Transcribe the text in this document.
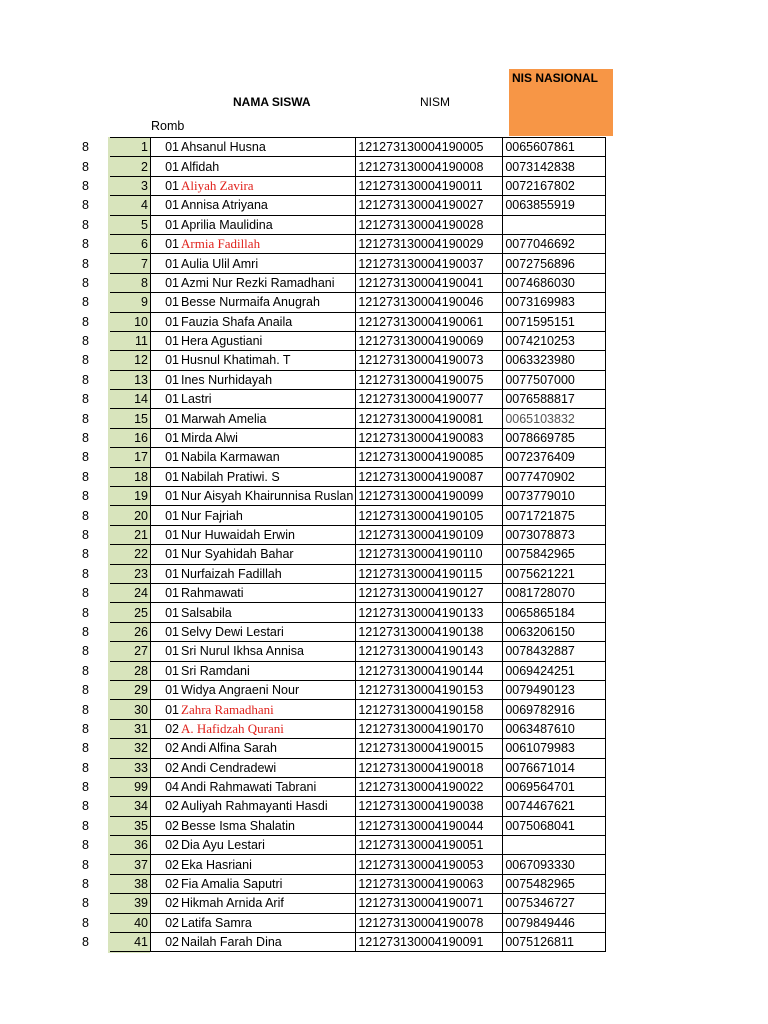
NIS NASIONAL
NAMA SISWA	NISM
Romb
8	1	01	Ahsanul Husna	121273130004190005	0065607861
8	2	01	Alfidah	121273130004190008	0073142838
8	3	01	Aliyah Zavira	121273130004190011	0072167802
8	4	01	Annisa Atriyana	121273130004190027	0063855919
8	5	01	Aprilia Maulidina	121273130004190028	
8	6	01	Armia Fadillah	121273130004190029	0077046692
8	7	01	Aulia Ulil Amri	121273130004190037	0072756896
8	8	01	Azmi Nur Rezki Ramadhani	121273130004190041	0074686030
8	9	01	Besse Nurmaifa Anugrah	121273130004190046	0073169983
8	10	01	Fauzia Shafa Anaila	121273130004190061	0071595151
8	11	01	Hera Agustiani	121273130004190069	0074210253
8	12	01	Husnul Khatimah. T	121273130004190073	0063323980
8	13	01	Ines Nurhidayah	121273130004190075	0077507000
8	14	01	Lastri	121273130004190077	0076588817
8	15	01	Marwah Amelia	121273130004190081	0065103832
8	16	01	Mirda Alwi	121273130004190083	0078669785
8	17	01	Nabila Karmawan	121273130004190085	0072376409
8	18	01	Nabilah Pratiwi. S	121273130004190087	0077470902
8	19	01	Nur Aisyah Khairunnisa Ruslan	121273130004190099	0073779010
8	20	01	Nur Fajriah	121273130004190105	0071721875
8	21	01	Nur Huwaidah Erwin	121273130004190109	0073078873
8	22	01	Nur Syahidah Bahar	121273130004190110	0075842965
8	23	01	Nurfaizah Fadillah	121273130004190115	0075621221
8	24	01	Rahmawati	121273130004190127	0081728070
8	25	01	Salsabila	121273130004190133	0065865184
8	26	01	Selvy Dewi Lestari	121273130004190138	0063206150
8	27	01	Sri Nurul Ikhsa Annisa	121273130004190143	0078432887
8	28	01	Sri Ramdani	121273130004190144	0069424251
8	29	01	Widya Angraeni Nour	121273130004190153	0079490123
8	30	01	Zahra Ramadhani	121273130004190158	0069782916
8	31	02	A. Hafidzah Qurani	121273130004190170	0063487610
8	32	02	Andi Alfina Sarah	121273130004190015	0061079983
8	33	02	Andi Cendradewi	121273130004190018	0076671014
8	99	04	Andi Rahmawati Tabrani	121273130004190022	0069564701
8	34	02	Auliyah Rahmayanti Hasdi	121273130004190038	0074467621
8	35	02	Besse Isma Shalatin	121273130004190044	0075068041
8	36	02	Dia Ayu Lestari	121273130004190051	
8	37	02	Eka Hasriani	121273130004190053	0067093330
8	38	02	Fia Amalia Saputri	121273130004190063	0075482965
8	39	02	Hikmah Arnida Arif	121273130004190071	0075346727
8	40	02	Latifa Samra	121273130004190078	0079849446
8	41	02	Nailah Farah Dina	121273130004190091	0075126811
